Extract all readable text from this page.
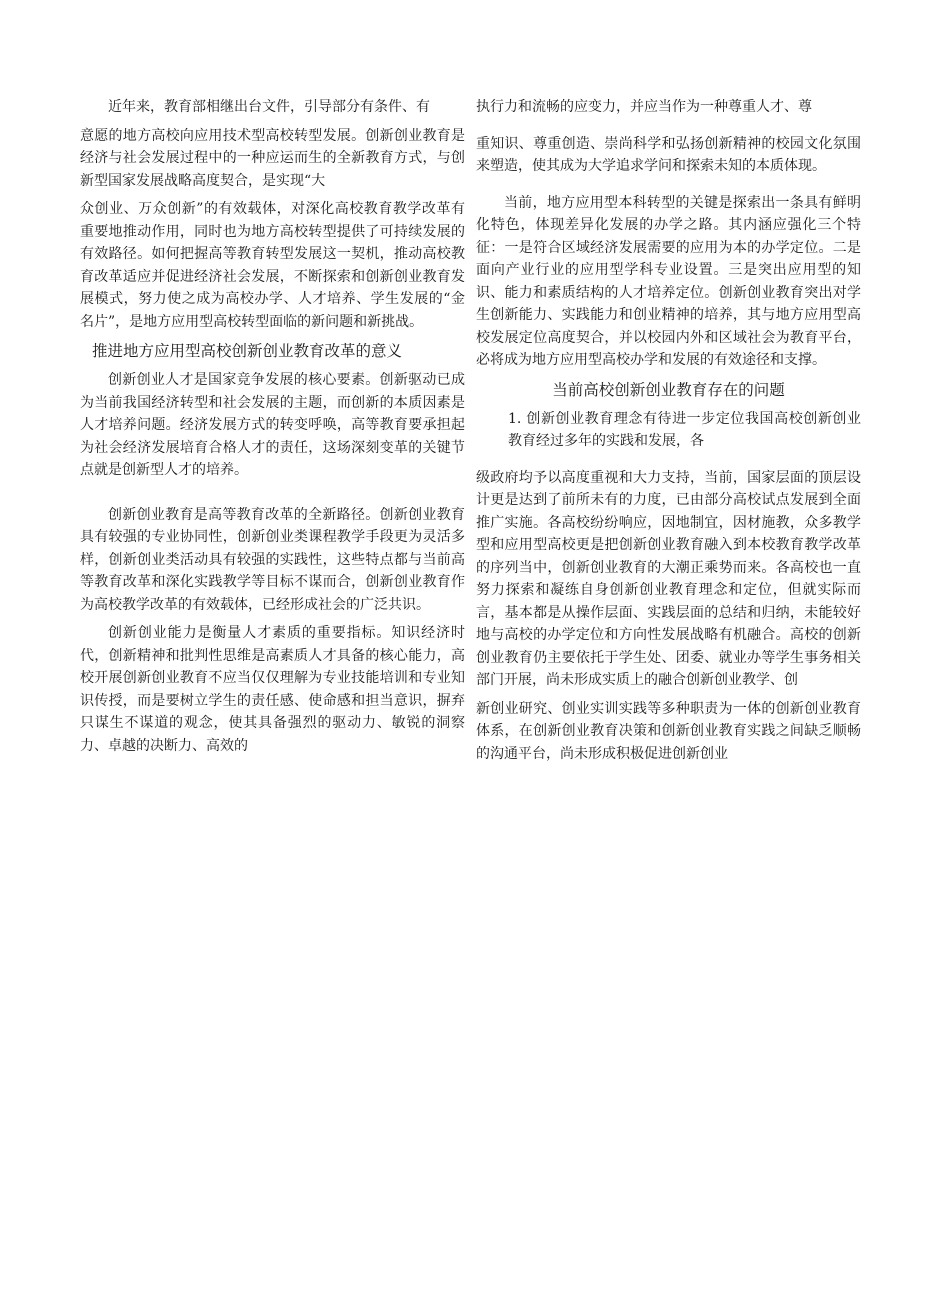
近年来，教育部相继出台文件，引导部分有条件、有

意愿的地方高校向应用技术型高校转型发展。创新创业教育是经济与社会发展过程中的一种应运而生的全新教育方式，与创新型国家发展战略高度契合，是实现“大

众创业、万众创新”的有效载体，对深化高校教育教学改革有重要地推动作用，同时也为地方高校转型提供了可持续发展的有效路径。如何把握高等教育转型发展这一契机，推动高校教育改革适应并促进经济社会发展，不断探索和创新创业教育发展模式，努力使之成为高校办学、人才培养、学生发展的“金名片”，是地方应用型高校转型面临的新问题和新挑战。

推进地方应用型高校创新创业教育改革的意义

创新创业人才是国家竞争发展的核心要素。创新驱动已成为当前我国经济转型和社会发展的主题，而创新的本质因素是人才培养问题。经济发展方式的转变呼唤，高等教育要承担起为社会经济发展培育合格人才的责任，这场深刻变革的关键节点就是创新型人才的培养。

创新创业教育是高等教育改革的全新路径。创新创业教育具有较强的专业协同性，创新创业类课程教学手段更为灵活多样，创新创业类活动具有较强的实践性，这些特点都与当前高等教育改革和深化实践教学等目标不谋而合，创新创业教育作为高校教学改革的有效载体，已经形成社会的广泛共识。

创新创业能力是衡量人才素质的重要指标。知识经济时代，创新精神和批判性思维是高素质人才具备的核心能力，高校开展创新创业教育不应当仅仅理解为专业技能培训和专业知识传授，而是要树立学生的责任感、使命感和担当意识，摒弃只谋生不谋道的观念，使其具备强烈的驱动力、敏锐的洞察力、卓越的决断力、高效的

执行力和流畅的应变力，并应当作为一种尊重人才、尊

重知识、尊重创造、崇尚科学和弘扬创新精神的校园文化氛围来塑造，使其成为大学追求学问和探索未知的本质体现。

当前，地方应用型本科转型的关键是探索出一条具有鲜明化特色，体现差异化发展的办学之路。其内涵应强化三个特征：一是符合区域经济发展需要的应用为本的办学定位。二是面向产业行业的应用型学科专业设置。三是突出应用型的知识、能力和素质结构的人才培养定位。创新创业教育突出对学生创新能力、实践能力和创业精神的培养，其与地方应用型高校发展定位高度契合，并以校园内外和区域社会为教育平台，必将成为地方应用型高校办学和发展的有效途径和支撑。

当前高校创新创业教育存在的问题

1. 创新创业教育理念有待进一步定位我国高校创新创业教育经过多年的实践和发展，各

级政府均予以高度重视和大力支持，当前，国家层面的顶层设计更是达到了前所未有的力度，已由部分高校试点发展到全面推广实施。各高校纷纷响应，因地制宜，因材施教，众多教学型和应用型高校更是把创新创业教育融入到本校教育教学改革的序列当中，创新创业教育的大潮正乘势而来。各高校也一直努力探索和凝练自身创新创业教育理念和定位，但就实际而言，基本都是从操作层面、实践层面的总结和归纳，未能较好地与高校的办学定位和方向性发展战略有机融合。高校的创新创业教育仍主要依托于学生处、团委、就业办等学生事务相关部门开展，尚未形成实质上的融合创新创业教学、创

新创业研究、创业实训实践等多种职责为一体的创新创业教育体系，在创新创业教育决策和创新创业教育实践之间缺乏顺畅的沟通平台，尚未形成积极促进创新创业
